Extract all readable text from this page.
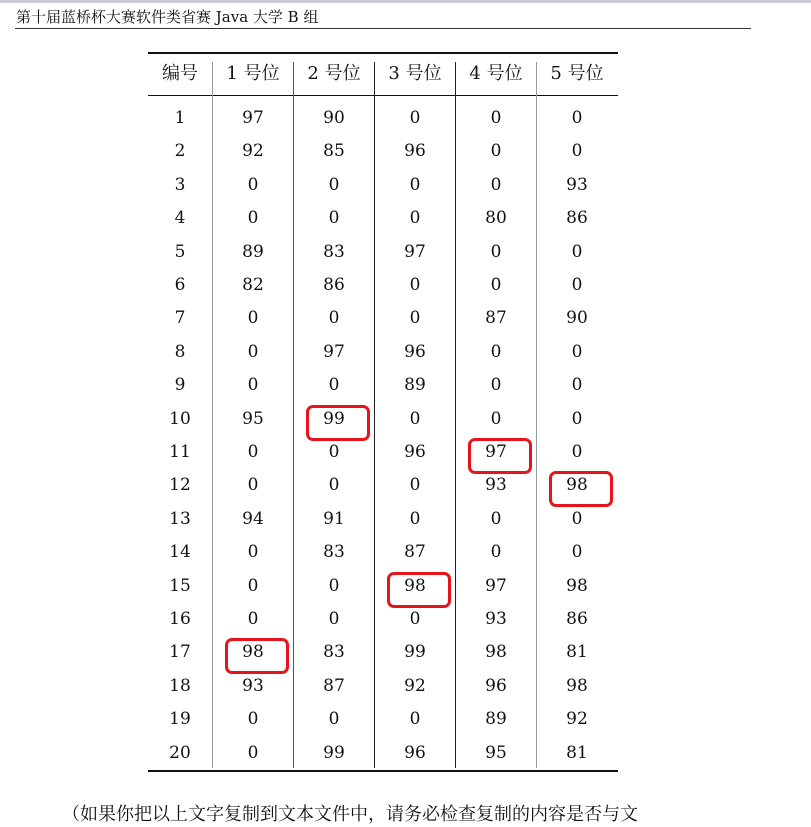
第十届蓝桥杯大赛软件类省赛 Java 大学 B 组
编号	1 号位	2 号位	3 号位	4 号位	5 号位
1	97	90	0	0	0
2	92	85	96	0	0
3	0	0	0	0	93
4	0	0	0	80	86
5	89	83	97	0	0
6	82	86	0	0	0
7	0	0	0	87	90
8	0	97	96	0	0
9	0	0	89	0	0
10	95	99	0	0	0
11	0	0	96	97	0
12	0	0	0	93	98
13	94	91	0	0	0
14	0	83	87	0	0
15	0	0	98	97	98
16	0	0	0	93	86
17	98	83	99	98	81
18	93	87	92	96	98
19	0	0	0	89	92
20	0	99	96	95	81
（如果你把以上文字复制到文本文件中，请务必检查复制的内容是否与文
